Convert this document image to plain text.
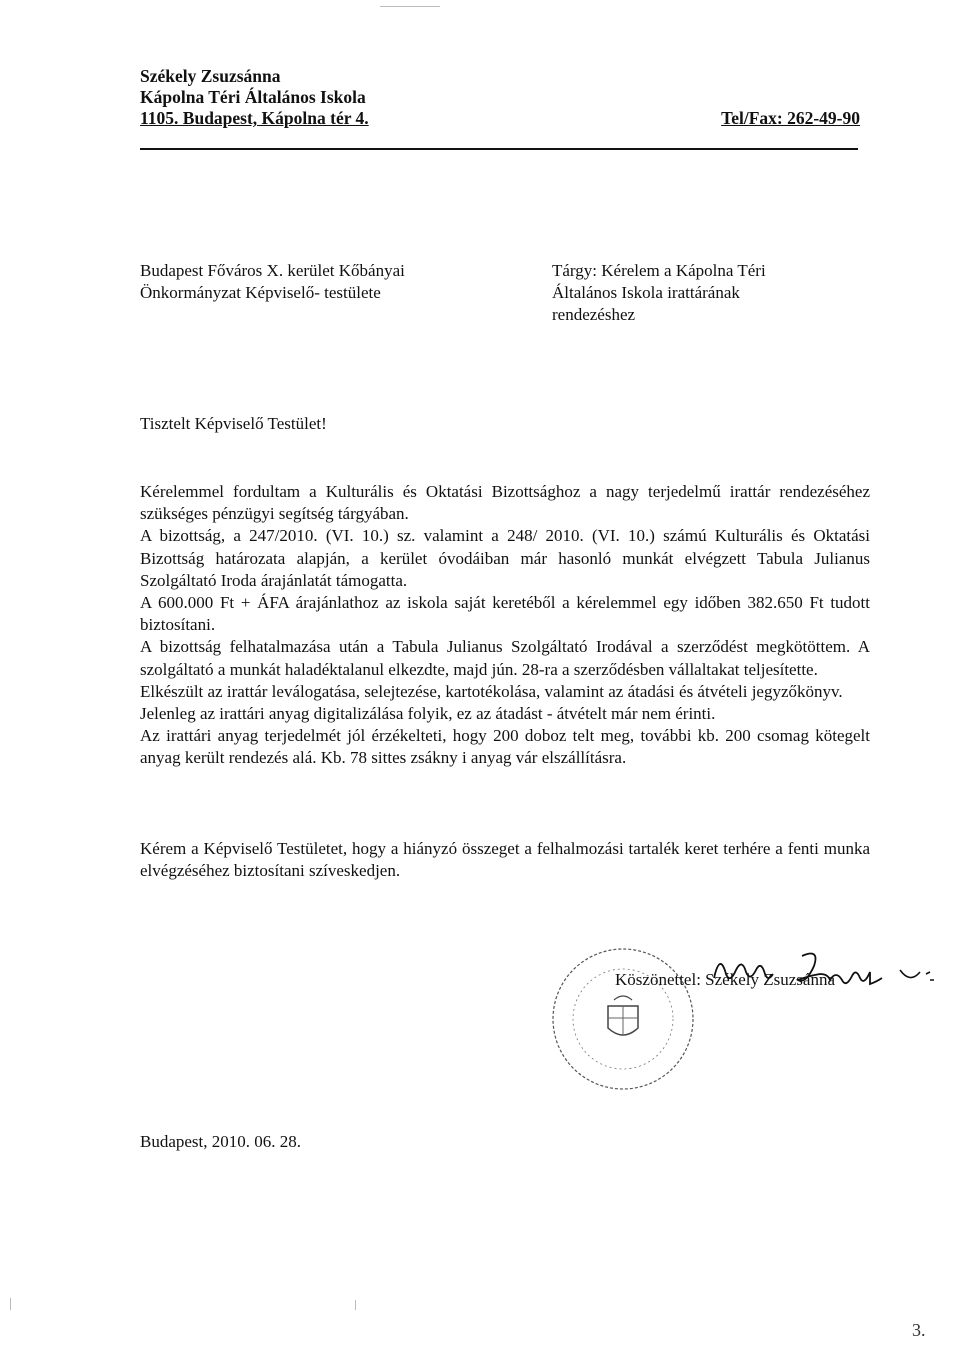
Székely Zsuzsánna
Kápolna Téri Általános Iskola
1105. Budapest, Kápolna tér 4.	Tel/Fax: 262-49-90
Budapest Főváros X. kerület Kőbányai
Önkormányzat Képviselő- testülete
Tárgy: Kérelem a Kápolna Téri
Általános Iskola irattárának
rendezéshez
Tisztelt Képviselő Testület!

Kérelemmel fordultam a Kulturális és Oktatási Bizottsághoz a nagy terjedelmű irattár rendezéséhez szükséges pénzügyi segítség tárgyában.

A bizottság, a 247/2010. (VI. 10.) sz. valamint a 248/ 2010. (VI. 10.) számú Kulturális és Oktatási Bizottság határozata alapján, a kerület óvodáiban már hasonló munkát elvégzett Tabula Julianus Szolgáltató Iroda árajánlatát támogatta.

A 600.000 Ft + ÁFA árajánlathoz az iskola saját keretéből a kérelemmel egy időben 382.650 Ft tudott biztosítani.

A bizottság felhatalmazása után a Tabula Julianus Szolgáltató Irodával a szerződést megkötöttem. A szolgáltató a munkát haladéktalanul elkezdte, majd jún. 28-ra a szerződésben vállaltakat teljesítette.

Elkészült az irattár leválogatása, selejtezése, kartotékolása, valamint az átadási és átvételi jegyzőkönyv.

Jelenleg az irattári anyag digitalizálása folyik, ez az átadást - átvételt már nem érinti.

Az irattári anyag terjedelmét jól érzékelteti, hogy 200 doboz telt meg, további kb. 200 csomag kötegelt anyag került rendezés alá. Kb. 78 sittes zsákny i anyag vár elszállításra.

Kérem a Képviselő Testületet, hogy a hiányzó összeget a felhalmozási tartalék keret terhére a fenti munka elvégzéséhez biztosítani szíveskedjen.
Köszönettel: Székely Zsuzsánna
Budapest, 2010. 06. 28.
3.
